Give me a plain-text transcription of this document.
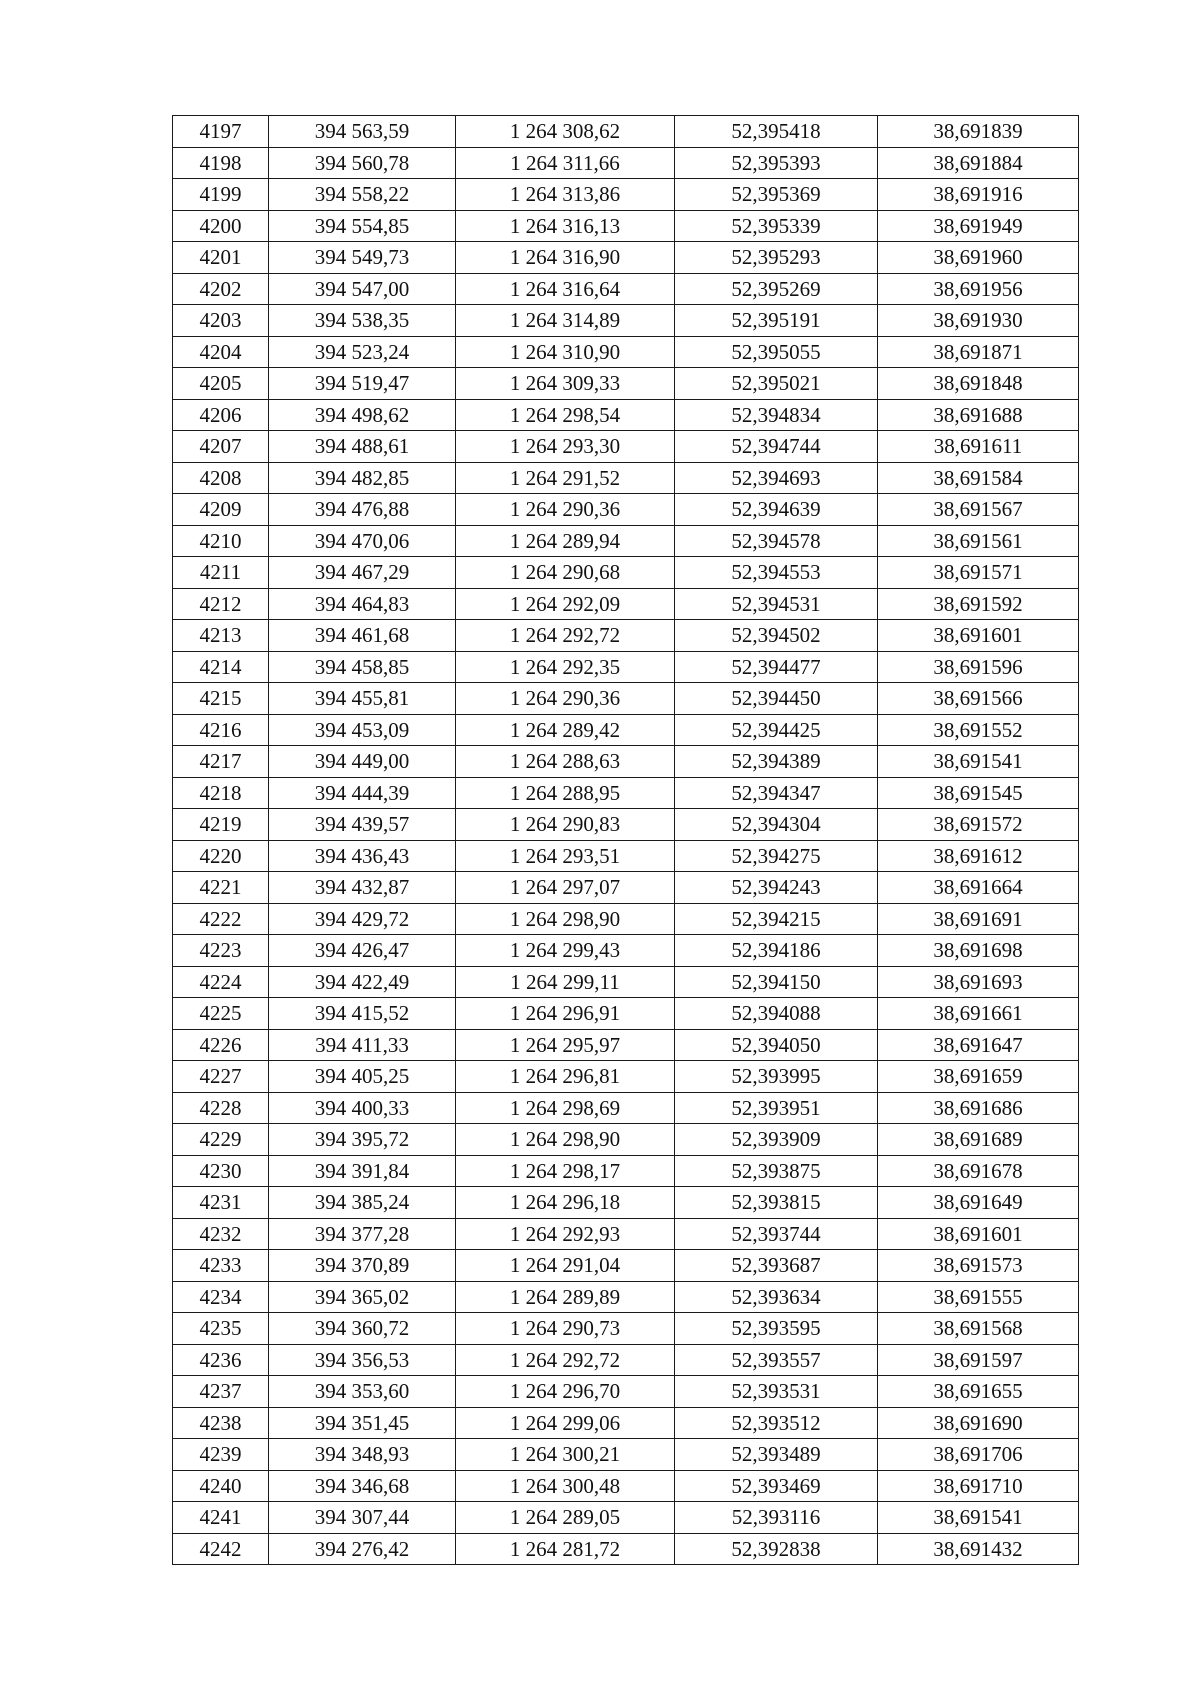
4197	394 563,59	1 264 308,62	52,395418	38,691839
4198	394 560,78	1 264 311,66	52,395393	38,691884
4199	394 558,22	1 264 313,86	52,395369	38,691916
4200	394 554,85	1 264 316,13	52,395339	38,691949
4201	394 549,73	1 264 316,90	52,395293	38,691960
4202	394 547,00	1 264 316,64	52,395269	38,691956
4203	394 538,35	1 264 314,89	52,395191	38,691930
4204	394 523,24	1 264 310,90	52,395055	38,691871
4205	394 519,47	1 264 309,33	52,395021	38,691848
4206	394 498,62	1 264 298,54	52,394834	38,691688
4207	394 488,61	1 264 293,30	52,394744	38,691611
4208	394 482,85	1 264 291,52	52,394693	38,691584
4209	394 476,88	1 264 290,36	52,394639	38,691567
4210	394 470,06	1 264 289,94	52,394578	38,691561
4211	394 467,29	1 264 290,68	52,394553	38,691571
4212	394 464,83	1 264 292,09	52,394531	38,691592
4213	394 461,68	1 264 292,72	52,394502	38,691601
4214	394 458,85	1 264 292,35	52,394477	38,691596
4215	394 455,81	1 264 290,36	52,394450	38,691566
4216	394 453,09	1 264 289,42	52,394425	38,691552
4217	394 449,00	1 264 288,63	52,394389	38,691541
4218	394 444,39	1 264 288,95	52,394347	38,691545
4219	394 439,57	1 264 290,83	52,394304	38,691572
4220	394 436,43	1 264 293,51	52,394275	38,691612
4221	394 432,87	1 264 297,07	52,394243	38,691664
4222	394 429,72	1 264 298,90	52,394215	38,691691
4223	394 426,47	1 264 299,43	52,394186	38,691698
4224	394 422,49	1 264 299,11	52,394150	38,691693
4225	394 415,52	1 264 296,91	52,394088	38,691661
4226	394 411,33	1 264 295,97	52,394050	38,691647
4227	394 405,25	1 264 296,81	52,393995	38,691659
4228	394 400,33	1 264 298,69	52,393951	38,691686
4229	394 395,72	1 264 298,90	52,393909	38,691689
4230	394 391,84	1 264 298,17	52,393875	38,691678
4231	394 385,24	1 264 296,18	52,393815	38,691649
4232	394 377,28	1 264 292,93	52,393744	38,691601
4233	394 370,89	1 264 291,04	52,393687	38,691573
4234	394 365,02	1 264 289,89	52,393634	38,691555
4235	394 360,72	1 264 290,73	52,393595	38,691568
4236	394 356,53	1 264 292,72	52,393557	38,691597
4237	394 353,60	1 264 296,70	52,393531	38,691655
4238	394 351,45	1 264 299,06	52,393512	38,691690
4239	394 348,93	1 264 300,21	52,393489	38,691706
4240	394 346,68	1 264 300,48	52,393469	38,691710
4241	394 307,44	1 264 289,05	52,393116	38,691541
4242	394 276,42	1 264 281,72	52,392838	38,691432
